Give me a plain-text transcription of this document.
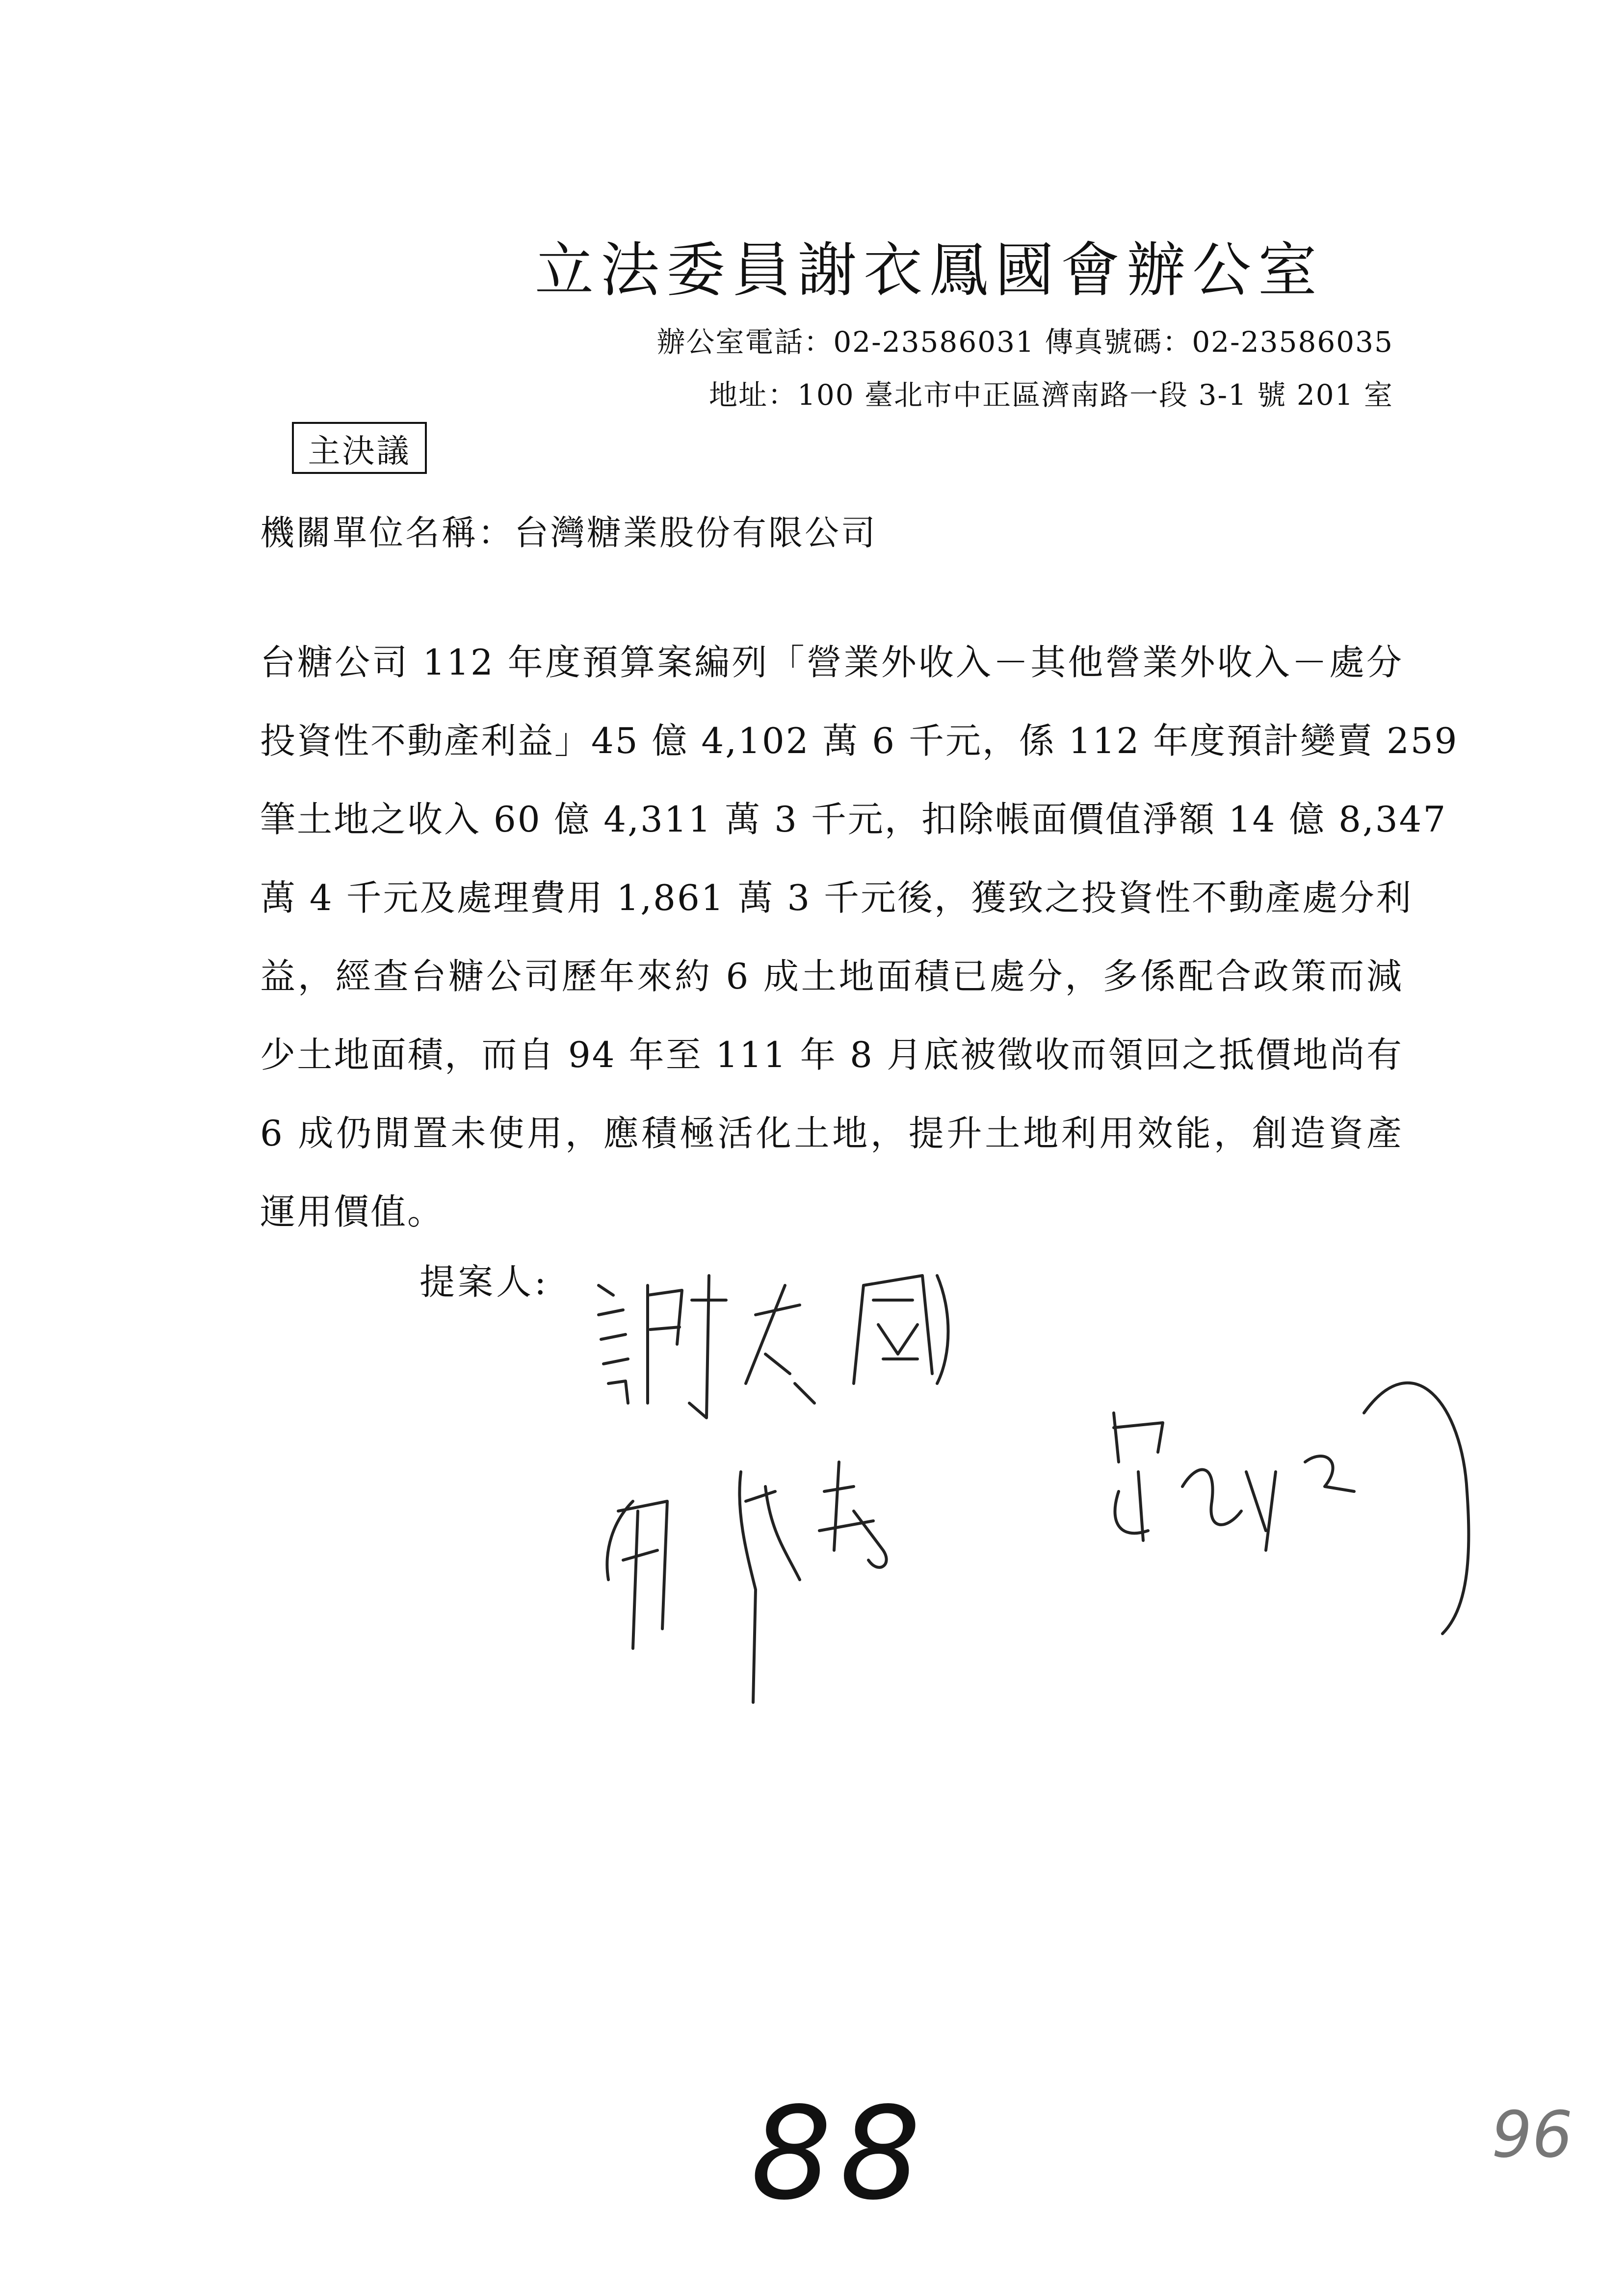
立法委員謝衣鳳國會辦公室
辦公室電話：02-23586031 傳真號碼：02-23586035
地址：100 臺北市中正區濟南路一段 3-1 號 201 室
主決議
機關單位名稱：台灣糖業股份有限公司
台糖公司 112 年度預算案編列「營業外收入－其他營業外收入－處分
投資性不動產利益」45 億 4,102 萬 6 千元，係 112 年度預計變賣 259
筆土地之收入 60 億 4,311 萬 3 千元，扣除帳面價值淨額 14 億 8,347
萬 4 千元及處理費用 1,861 萬 3 千元後，獲致之投資性不動產處分利
益，經查台糖公司歷年來約 6 成土地面積已處分，多係配合政策而減
少土地面積，而自 94 年至 111 年 8 月底被徵收而領回之抵價地尚有
6 成仍閒置未使用，應積極活化土地，提升土地利用效能，創造資產
運用價值。
提案人:
88	96
